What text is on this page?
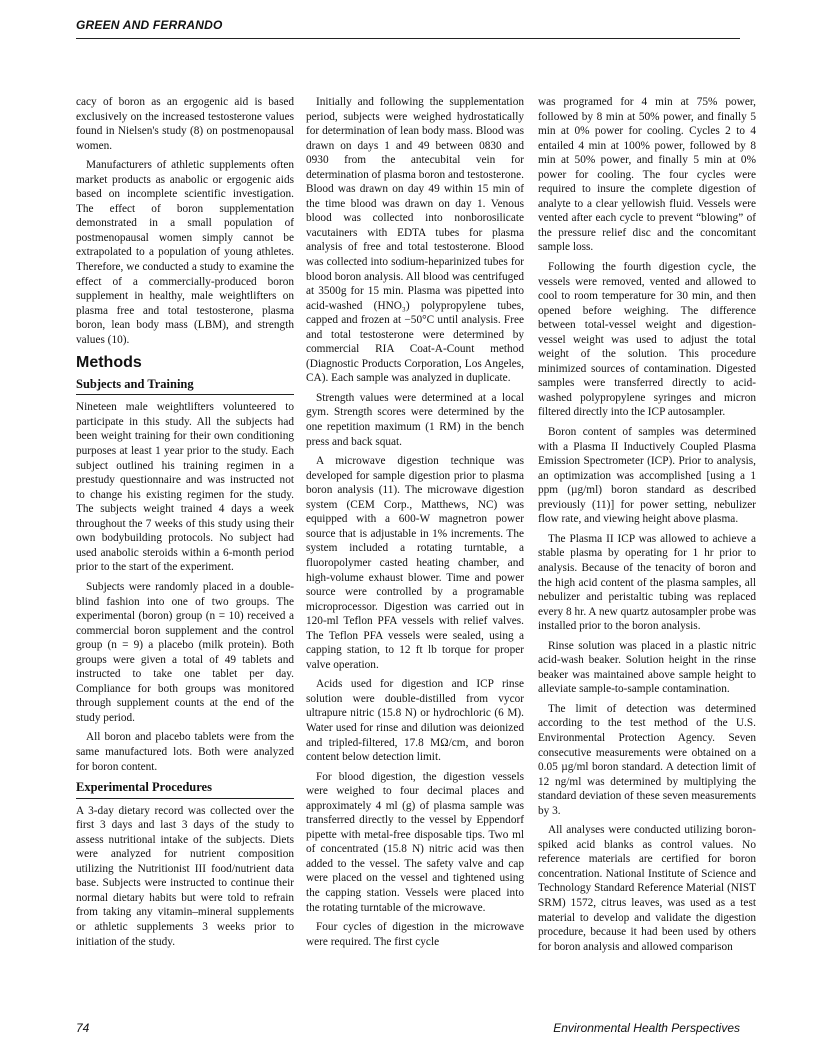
GREEN AND FERRANDO

cacy of boron as an ergogenic aid is based exclusively on the increased testosterone values found in Nielsen's study (8) on postmenopausal women.

Manufacturers of athletic supplements often market products as anabolic or ergogenic aids based on incomplete scientific investigation. The effect of boron supplementation demonstrated in a small population of postmenopausal women simply cannot be extrapolated to a population of young athletes. Therefore, we conducted a study to examine the effect of a commercially-produced boron supplement in healthy, male weightlifters on plasma free and total testosterone, plasma boron, lean body mass (LBM), and strength values (10).

Methods
Subjects and Training

Nineteen male weightlifters volunteered to participate in this study. All the subjects had been weight training for their own conditioning purposes at least 1 year prior to the study. Each subject outlined his training regimen in a prestudy questionnaire and was instructed not to change his existing regimen for the study. The subjects weight trained 4 days a week throughout the 7 weeks of this study using their own bodybuilding protocols. No subject had used anabolic steroids within a 6-month period prior to the start of the experiment.

Subjects were randomly placed in a double-blind fashion into one of two groups. The experimental (boron) group (n = 10) received a commercial boron supplement and the control group (n = 9) a placebo (milk protein). Both groups were given a total of 49 tablets and instructed to take one tablet per day. Compliance for both groups was monitored through supplement counts at the end of the study period.

All boron and placebo tablets were from the same manufactured lots. Both were analyzed for boron content.

Experimental Procedures

A 3-day dietary record was collected over the first 3 days and last 3 days of the study to assess nutritional intake of the subjects. Diets were analyzed for nutrient composition utilizing the Nutritionist III food/nutrient data base. Subjects were instructed to continue their normal dietary habits but were told to refrain from taking any vitamin–mineral supplements or athletic supplements 3 weeks prior to initiation of the study.

Initially and following the supplementation period, subjects were weighed hydrostatically for determination of lean body mass. Blood was drawn on days 1 and 49 between 0830 and 0930 from the antecubital vein for determination of plasma boron and testosterone. Blood was drawn on day 49 within 15 min of the time blood was drawn on day 1. Venous blood was collected into nonborosilicate vacutainers with EDTA tubes for plasma analysis of free and total testosterone. Blood was collected into sodium-heparinized tubes for blood boron analysis. All blood was centrifuged at 3500g for 15 min. Plasma was pipetted into acid-washed (HNO₃) polypropylene tubes, capped and frozen at −50°C until analysis. Free and total testosterone were determined by commercial RIA Coat-A-Count method (Diagnostic Products Corporation, Los Angeles, CA). Each sample was analyzed in duplicate.

Strength values were determined at a local gym. Strength scores were determined by the one repetition maximum (1 RM) in the bench press and back squat.

A microwave digestion technique was developed for sample digestion prior to plasma boron analysis (11). The microwave digestion system (CEM Corp., Matthews, NC) was equipped with a 600-W magnetron power source that is adjustable in 1% increments. The system included a rotating turntable, a fluoropolymer casted heating chamber, and high-volume exhaust blower. Time and power source were controlled by a programable microprocessor. Digestion was carried out in 120-ml Teflon PFA vessels with relief valves. The Teflon PFA vessels were sealed, using a capping station, to 12 ft lb torque for proper valve operation.

Acids used for digestion and ICP rinse solution were double-distilled from vycor ultrapure nitric (15.8 N) or hydrochloric (6 M). Water used for rinse and dilution was deionized and tripled-filtered, 17.8 MΩ/cm, and boron content below detection limit.

For blood digestion, the digestion vessels were weighed to four decimal places and approximately 4 ml (g) of plasma sample was transferred directly to the vessel by Eppendorf pipette with metal-free disposable tips. Two ml of concentrated (15.8 N) nitric acid was then added to the vessel. The safety valve and cap were placed on the vessel and tightened using the capping station. Vessels were placed into the rotating turntable of the microwave.

Four cycles of digestion in the microwave were required. The first cycle

was programed for 4 min at 75% power, followed by 8 min at 50% power, and finally 5 min at 0% power for cooling. Cycles 2 to 4 entailed 4 min at 100% power, followed by 8 min at 50% power, and finally 5 min at 0% power for cooling. The four cycles were required to insure the complete digestion of analyte to a clear yellowish fluid. Vessels were vented after each cycle to prevent “blowing” of the pressure relief disc and the concomitant sample loss.

Following the fourth digestion cycle, the vessels were removed, vented and allowed to cool to room temperature for 30 min, and then opened before weighing. The difference between total-vessel weight and digestion-vessel weight was used to adjust the total weight of the solution. This procedure minimized sources of contamination. Digested samples were transferred directly to acid-washed polypropylene syringes and micron filtered directly into the ICP autosampler.

Boron content of samples was determined with a Plasma II Inductively Coupled Plasma Emission Spectrometer (ICP). Prior to analysis, an optimization was accomplished [using a 1 ppm (µg/ml) boron standard as described previously (11)] for power setting, nebulizer flow rate, and viewing height above plasma.

The Plasma II ICP was allowed to achieve a stable plasma by operating for 1 hr prior to analysis. Because of the tenacity of boron and the high acid content of the plasma samples, all nebulizer and peristaltic tubing was replaced every 8 hr. A new quartz autosampler probe was installed prior to the boron analysis.

Rinse solution was placed in a plastic nitric acid-wash beaker. Solution height in the rinse beaker was maintained above sample height to alleviate sample-to-sample contamination.

The limit of detection was determined according to the test method of the U.S. Environmental Protection Agency. Seven consecutive measurements were obtained on a 0.05 µg/ml boron standard. A detection limit of 12 ng/ml was determined by multiplying the standard deviation of these seven measurements by 3.

All analyses were conducted utilizing boron-spiked acid blanks as control values. No reference materials are certified for boron concentration. National Institute of Science and Technology Standard Reference Material (NIST SRM) 1572, citrus leaves, was used as a test material to develop and validate the digestion procedure, because it had been used by others for boron analysis and allowed comparison

74	Environmental Health Perspectives
